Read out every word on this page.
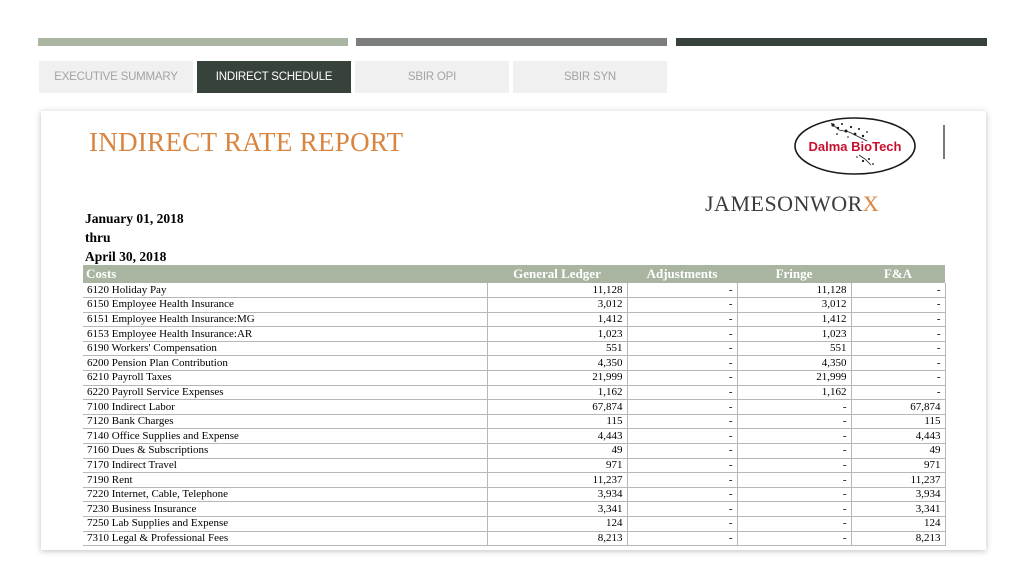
EXECUTIVE SUMMARY	INDIRECT SCHEDULE	SBIR OPI	SBIR SYN
INDIRECT RATE REPORT	Dalma BioTech
JAMESONWORX
January 01, 2018
thru
April 30, 2018
Costs	General Ledger	Adjustments	Fringe	F&A
6120 Holiday Pay	11,128	-	11,128	-
6150 Employee Health Insurance	3,012	-	3,012	-
6151 Employee Health Insurance:MG	1,412	-	1,412	-
6153 Employee Health Insurance:AR	1,023	-	1,023	-
6190 Workers' Compensation	551	-	551	-
6200 Pension Plan Contribution	4,350	-	4,350	-
6210 Payroll Taxes	21,999	-	21,999	-
6220 Payroll Service Expenses	1,162	-	1,162	-
7100 Indirect Labor	67,874	-	-	67,874
7120 Bank Charges	115	-	-	115
7140 Office Supplies and Expense	4,443	-	-	4,443
7160 Dues & Subscriptions	49	-	-	49
7170 Indirect Travel	971	-	-	971
7190 Rent	11,237	-	-	11,237
7220 Internet, Cable, Telephone	3,934	-	-	3,934
7230 Business Insurance	3,341	-	-	3,341
7250 Lab Supplies and Expense	124	-	-	124
7310 Legal & Professional Fees	8,213	-	-	8,213
